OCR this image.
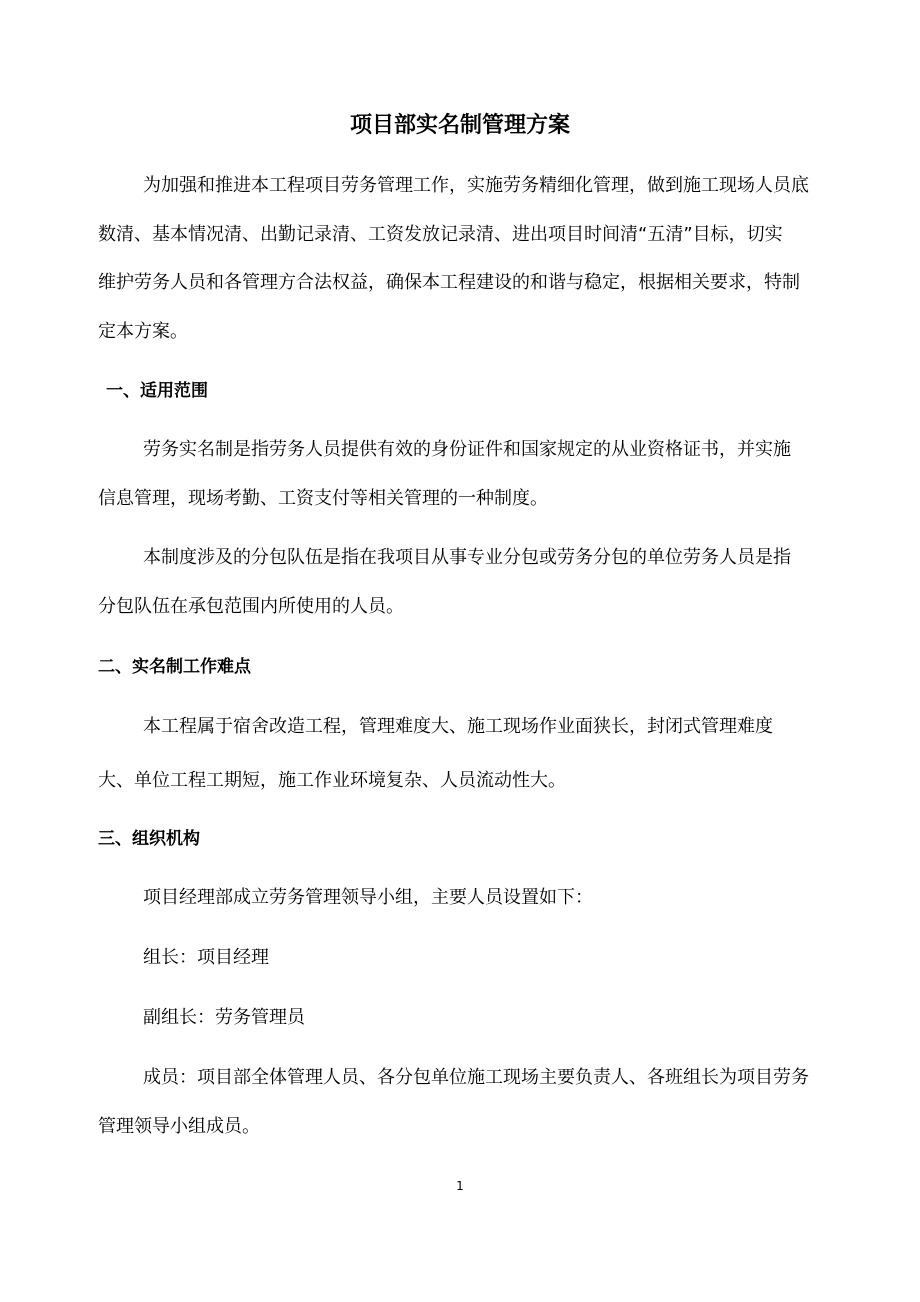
项目部实名制管理方案
为加强和推进本工程项目劳务管理工作，实施劳务精细化管理，做到施工现场人员底
数清、基本情况清、出勤记录清、工资发放记录清、进出项目时间清“五清”目标，切实
维护劳务人员和各管理方合法权益，确保本工程建设的和谐与稳定，根据相关要求，特制
定本方案。
一、适用范围
劳务实名制是指劳务人员提供有效的身份证件和国家规定的从业资格证书，并实施
信息管理，现场考勤、工资支付等相关管理的一种制度。
本制度涉及的分包队伍是指在我项目从事专业分包或劳务分包的单位劳务人员是指
分包队伍在承包范围内所使用的人员。
二、实名制工作难点
本工程属于宿舍改造工程，管理难度大、施工现场作业面狭长，封闭式管理难度
大、单位工程工期短，施工作业环境复杂、人员流动性大。
三、组织机构
项目经理部成立劳务管理领导小组，主要人员设置如下：
组长：项目经理
副组长：劳务管理员
成员：项目部全体管理人员、各分包单位施工现场主要负责人、各班组长为项目劳务
管理领导小组成员。
1
